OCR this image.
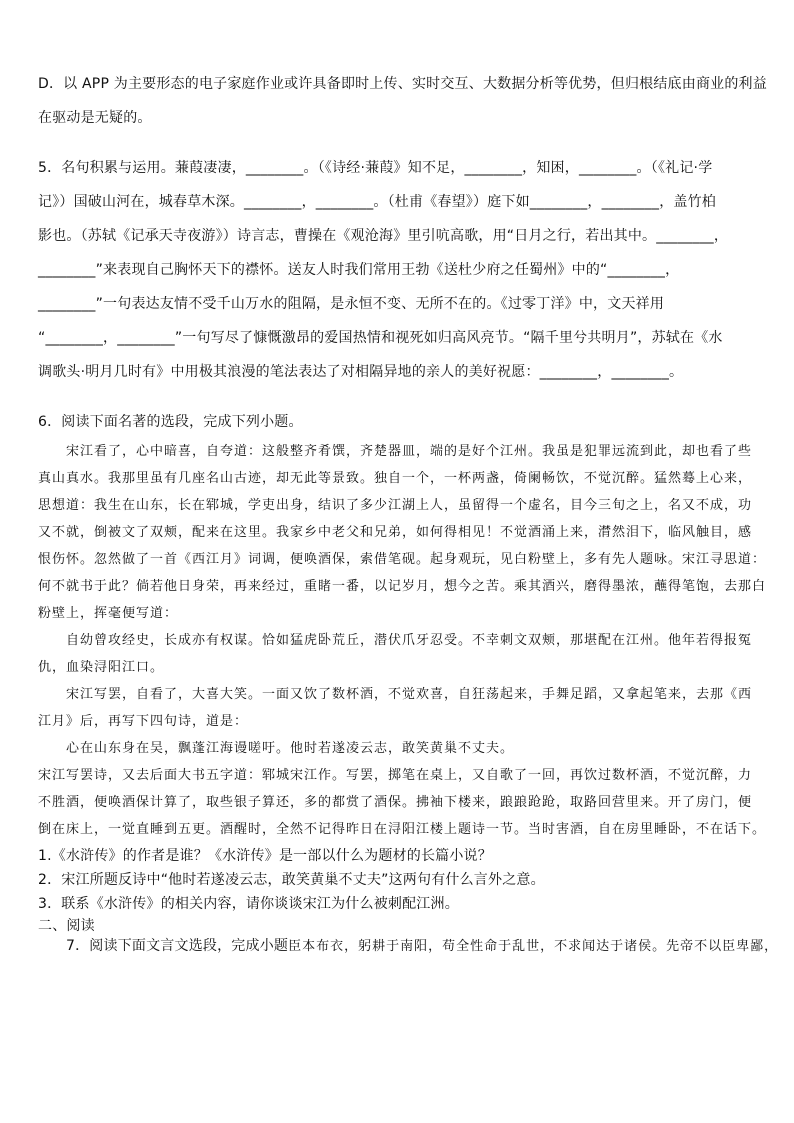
D．以 APP 为主要形态的电子家庭作业或许具备即时上传、实时交互、大数据分析等优势，但归根结底由商业的利益
在驱动是无疑的。
5．名句积累与运用。蒹葭凄凄，________。（《诗经·蒹葭》知不足，________，知困，________。（《礼记·学
记》）国破山河在，城春草木深。________，________。（杜甫《春望》）庭下如________，________，盖竹柏
影也。（苏轼《记承天寺夜游》）诗言志，曹操在《观沧海》里引吭高歌，用“日月之行，若出其中。________，
________”来表现自己胸怀天下的襟怀。送友人时我们常用王勃《送杜少府之任蜀州》中的“________，
________”一句表达友情不受千山万水的阻隔，是永恒不变、无所不在的。《过零丁洋》中，文天祥用
“________，________”一句写尽了慷慨激昂的爱国热情和视死如归高风亮节。“隔千里兮共明月”，苏轼在《水
调歌头·明月几时有》中用极其浪漫的笔法表达了对相隔异地的亲人的美好祝愿：________，________。
6．阅读下面名著的选段，完成下列小题。
宋江看了，心中暗喜，自夸道：这般整齐肴馔，齐楚器皿，端的是好个江州。我虽是犯罪远流到此，却也看了些
真山真水。我那里虽有几座名山古迹，却无此等景致。独自一个，一杯两盏，倚阑畅饮，不觉沉醉。猛然蓦上心来，
思想道：我生在山东，长在郓城，学吏出身，结识了多少江湖上人，虽留得一个虚名，目今三旬之上，名又不成，功
又不就，倒被文了双颊，配来在这里。我家乡中老父和兄弟，如何得相见！不觉酒涌上来，潸然泪下，临风触目，感
恨伤怀。忽然做了一首《西江月》词调，便唤酒保，索借笔砚。起身观玩，见白粉壁上，多有先人题咏。宋江寻思道：
何不就书于此？倘若他日身荣，再来经过，重睹一番，以记岁月，想今之苦。乘其酒兴，磨得墨浓，蘸得笔饱，去那白
粉壁上，挥毫便写道：
自幼曾攻经史，长成亦有权谋。恰如猛虎卧荒丘，潜伏爪牙忍受。不幸刺文双颊，那堪配在江州。他年若得报冤
仇，血染浔阳江口。
宋江写罢，自看了，大喜大笑。一面又饮了数杯酒，不觉欢喜，自狂荡起来，手舞足蹈，又拿起笔来，去那《西
江月》后，再写下四句诗，道是：
心在山东身在吴，飘蓬江海谩嗟吁。他时若遂凌云志，敢笑黄巢不丈夫。
宋江写罢诗，又去后面大书五字道：郓城宋江作。写罢，掷笔在桌上，又自歌了一回，再饮过数杯酒，不觉沉醉，力
不胜酒，便唤酒保计算了，取些银子算还，多的都赏了酒保。拂袖下楼来，踉踉跄跄，取路回营里来。开了房门，便
倒在床上，一觉直睡到五更。酒醒时，全然不记得昨日在浔阳江楼上题诗一节。当时害酒，自在房里睡卧，不在话下。
1.《水浒传》的作者是谁？《水浒传》是一部以什么为题材的长篇小说？
2．宋江所题反诗中“他时若遂凌云志，敢笑黄巢不丈夫”这两句有什么言外之意。
3．联系《水浒传》的相关内容，请你谈谈宋江为什么被刺配江洲。
二、阅读
7．阅读下面文言文选段，完成小题臣本布衣，躬耕于南阳，苟全性命于乱世，不求闻达于诸侯。先帝不以臣卑鄙，
